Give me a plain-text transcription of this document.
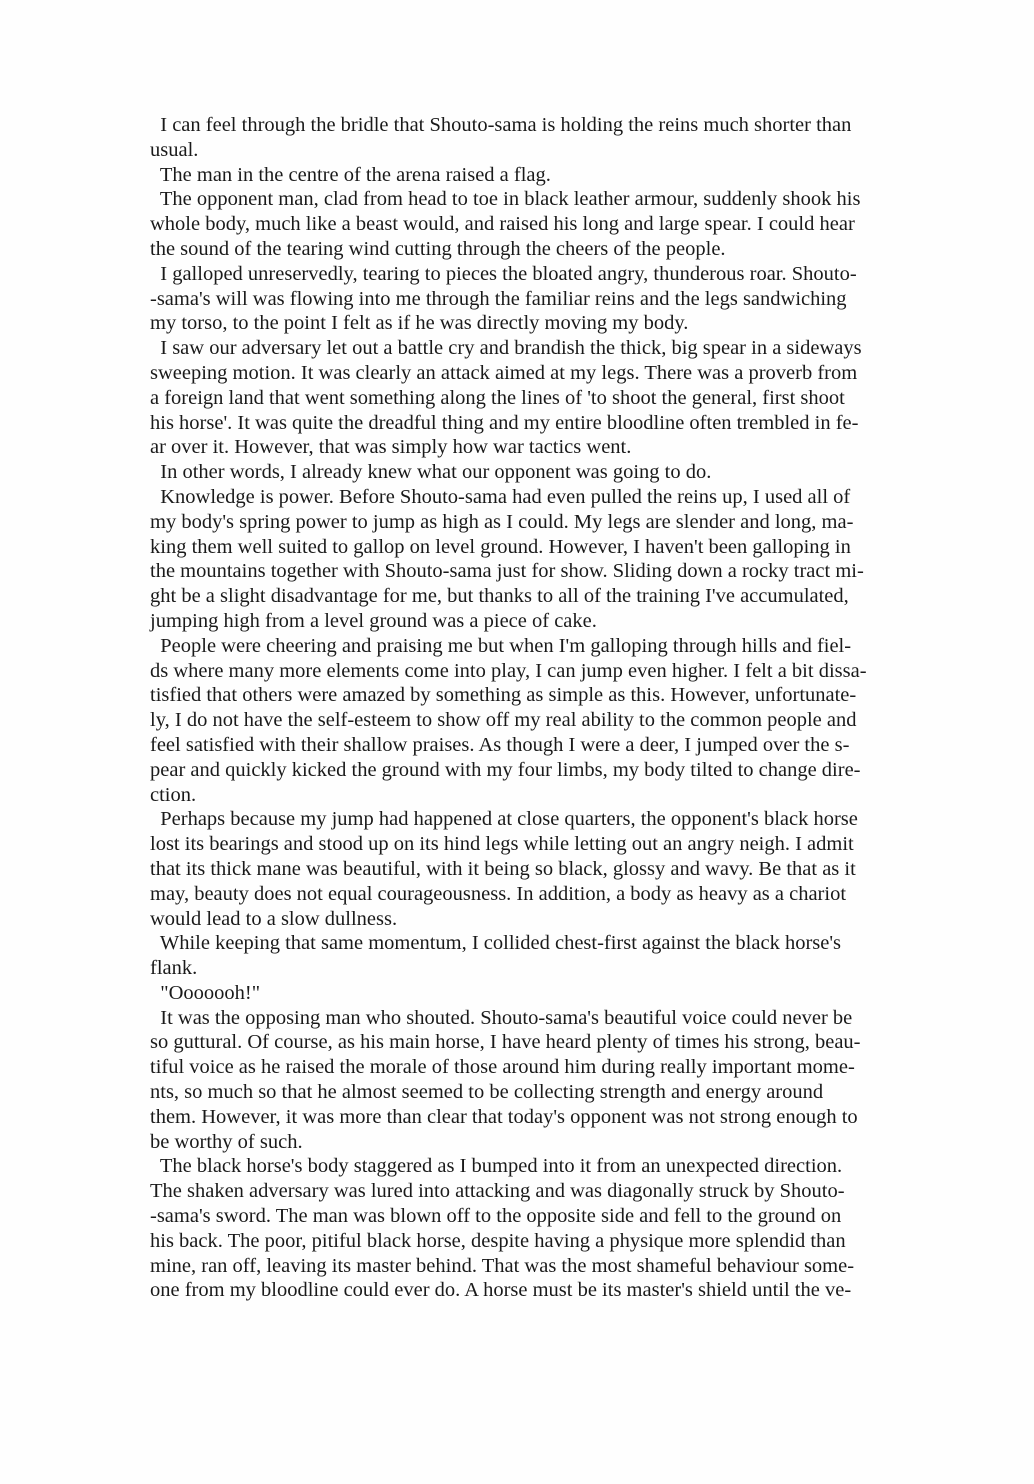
I can feel through the bridle that Shouto-sama is holding the reins much shorter than
usual.
The man in the centre of the arena raised a flag.
The opponent man, clad from head to toe in black leather armour, suddenly shook his
whole body, much like a beast would, and raised his long and large spear. I could hear
the sound of the tearing wind cutting through the cheers of the people.
I galloped unreservedly, tearing to pieces the bloated angry, thunderous roar. Shouto-
-sama's will was flowing into me through the familiar reins and the legs sandwiching
my torso, to the point I felt as if he was directly moving my body.
I saw our adversary let out a battle cry and brandish the thick, big spear in a sideways
sweeping motion. It was clearly an attack aimed at my legs. There was a proverb from
a foreign land that went something along the lines of 'to shoot the general, first shoot
his horse'. It was quite the dreadful thing and my entire bloodline often trembled in fe-
ar over it. However, that was simply how war tactics went.
In other words, I already knew what our opponent was going to do.
Knowledge is power. Before Shouto-sama had even pulled the reins up, I used all of
my body's spring power to jump as high as I could. My legs are slender and long, ma-
king them well suited to gallop on level ground. However, I haven't been galloping in
the mountains together with Shouto-sama just for show. Sliding down a rocky tract mi-
ght be a slight disadvantage for me, but thanks to all of the training I've accumulated,
jumping high from a level ground was a piece of cake.
People were cheering and praising me but when I'm galloping through hills and fiel-
ds where many more elements come into play, I can jump even higher. I felt a bit dissa-
tisfied that others were amazed by something as simple as this. However, unfortunate-
ly, I do not have the self-esteem to show off my real ability to the common people and
feel satisfied with their shallow praises. As though I were a deer, I jumped over the s-
pear and quickly kicked the ground with my four limbs, my body tilted to change dire-
ction.
Perhaps because my jump had happened at close quarters, the opponent's black horse
lost its bearings and stood up on its hind legs while letting out an angry neigh. I admit
that its thick mane was beautiful, with it being so black, glossy and wavy. Be that as it
may, beauty does not equal courageousness. In addition, a body as heavy as a chariot
would lead to a slow dullness.
While keeping that same momentum, I collided chest-first against the black horse's
flank.
"Ooooooh!"
It was the opposing man who shouted. Shouto-sama's beautiful voice could never be
so guttural. Of course, as his main horse, I have heard plenty of times his strong, beau-
tiful voice as he raised the morale of those around him during really important mome-
nts, so much so that he almost seemed to be collecting strength and energy around
them. However, it was more than clear that today's opponent was not strong enough to
be worthy of such.
The black horse's body staggered as I bumped into it from an unexpected direction.
The shaken adversary was lured into attacking and was diagonally struck by Shouto-
-sama's sword. The man was blown off to the opposite side and fell to the ground on
his back. The poor, pitiful black horse, despite having a physique more splendid than
mine, ran off, leaving its master behind. That was the most shameful behaviour some-
one from my bloodline could ever do. A horse must be its master's shield until the ve-
